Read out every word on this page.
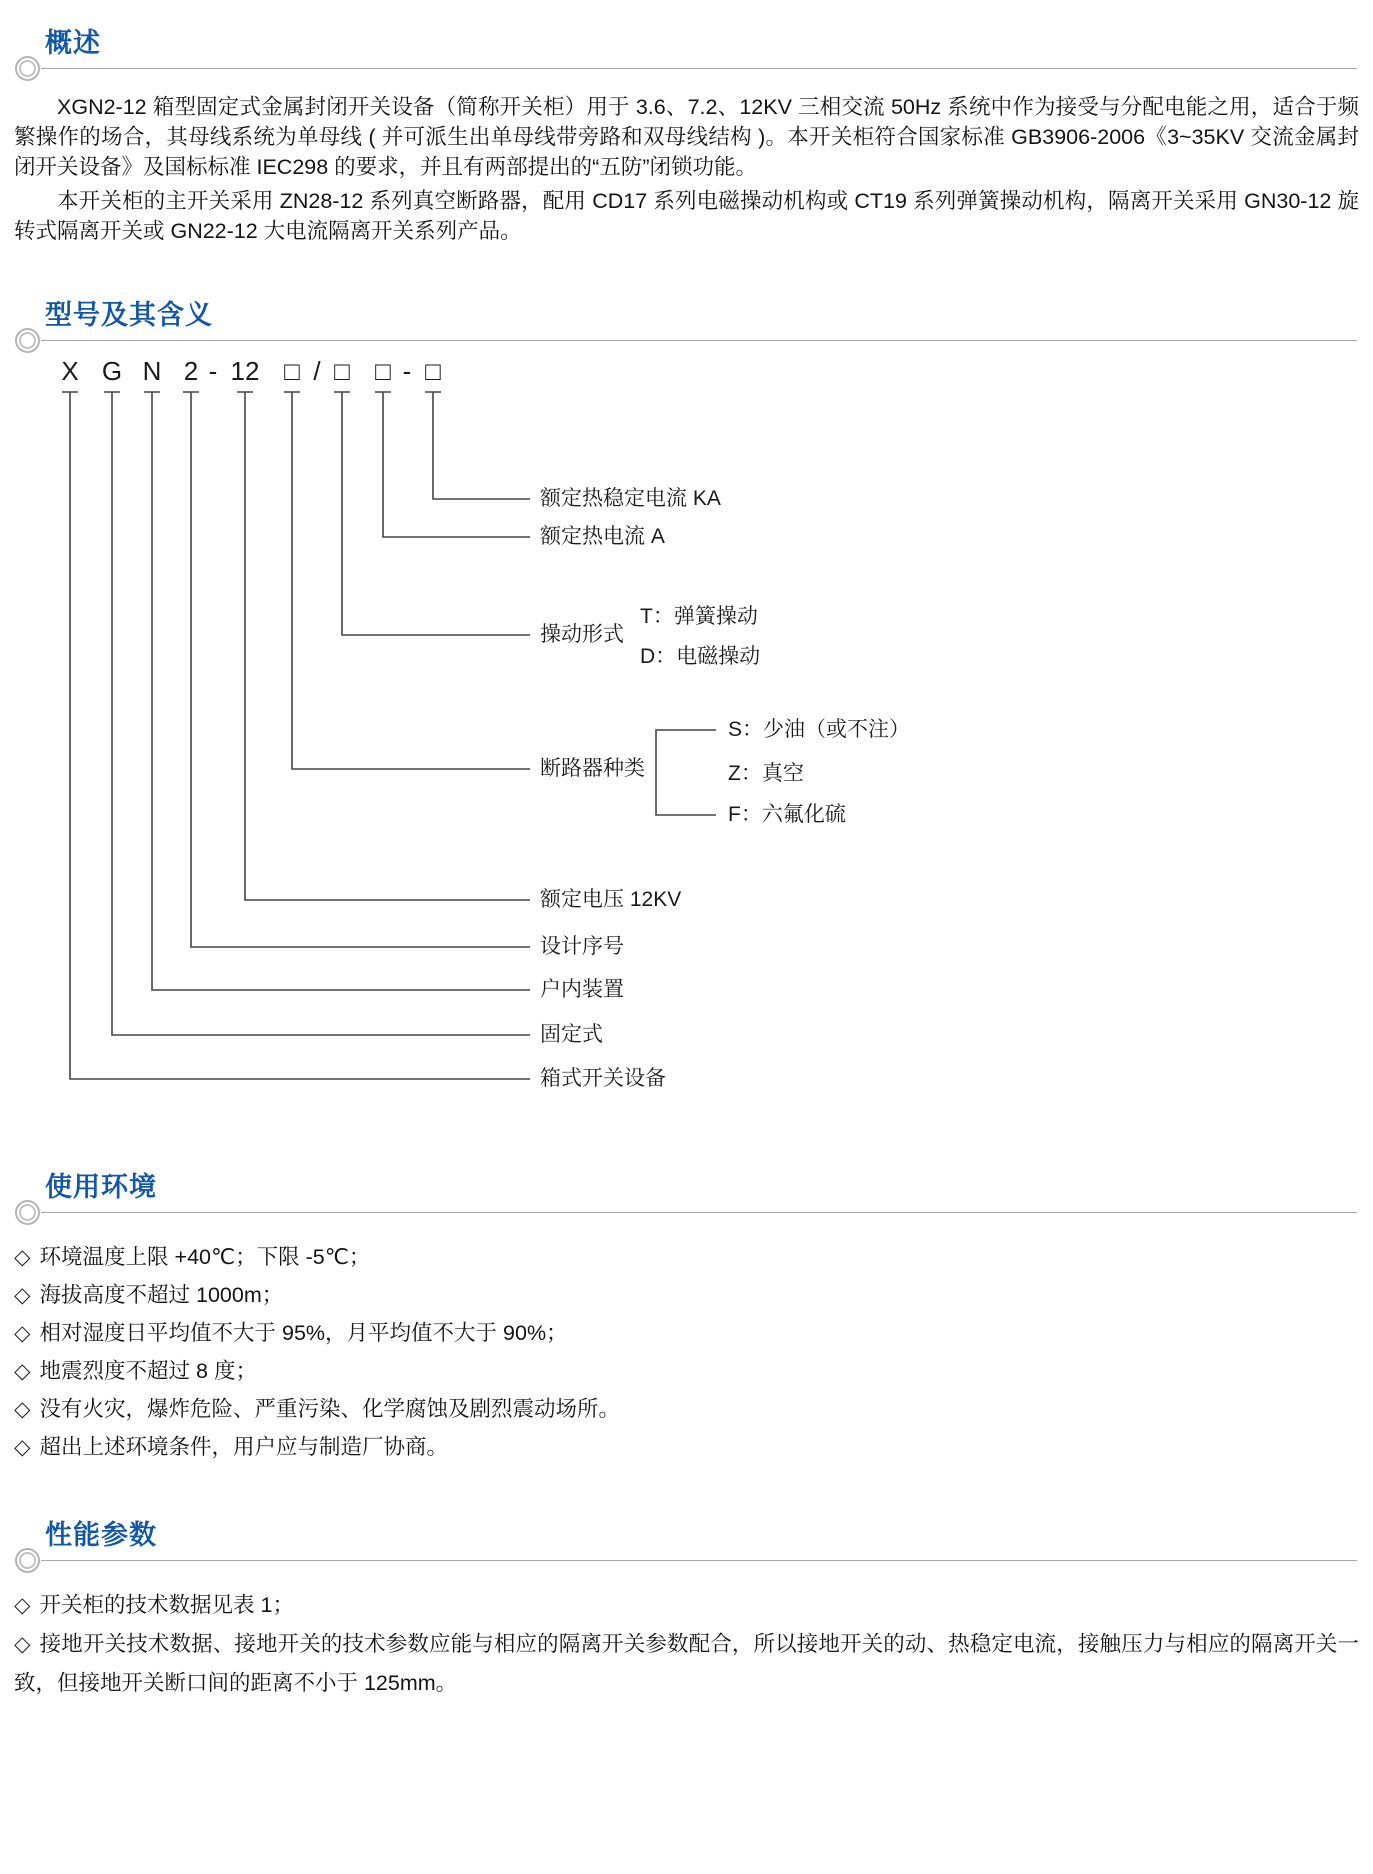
概述

XGN2-12 箱型固定式金属封闭开关设备（简称开关柜）用于 3.6、7.2、12KV 三相交流 50Hz 系统中作为接受与分配电能之用，适合于频繁操作的场合，其母线系统为单母线 ( 并可派生出单母线带旁路和双母线结构 )。本开关柜符合国家标准 GB3906-2006《3~35KV 交流金属封闭开关设备》及国标标准 IEC298 的要求，并且有两部提出的“五防”闭锁功能。

本开关柜的主开关采用 ZN28-12 系列真空断路器，配用 CD17 系列电磁操动机构或 CT19 系列弹簧操动机构，隔离开关采用 GN30-12 旋转式隔离开关或 GN22-12 大电流隔离开关系列产品。

型号及其含义
X G N 2 - 12 □ / □ □ - □
额定热稳定电流 KA
额定热电流 A
操动形式
断路器种类
额定电压 12KV
设计序号
户内装置
固定式
箱式开关设备
T：弹簧操动
D：电磁操动
S：少油（或不注）
Z：真空
F：六氟化硫
使用环境
◇ 环境温度上限 +40℃；下限 -5℃；
◇ 海拔高度不超过 1000m；
◇ 相对湿度日平均值不大于 95%，月平均值不大于 90%；
◇ 地震烈度不超过 8 度；
◇ 没有火灾，爆炸危险、严重污染、化学腐蚀及剧烈震动场所。
◇ 超出上述环境条件，用户应与制造厂协商。
性能参数
◇ 开关柜的技术数据见表 1；
◇ 接地开关技术数据、接地开关的技术参数应能与相应的隔离开关参数配合，所以接地开关的动、热稳定电流，接触压力与相应的隔离开关一致，但接地开关断口间的距离不小于 125mm。
